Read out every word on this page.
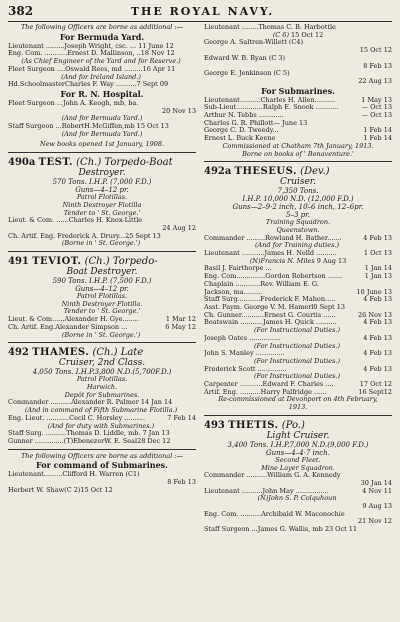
382	THE ROYAL NAVY.
The following Officers are borne as additional :—
For Bermuda Yard.
Lieutenant .........Joseph Wright, csc. ... 11 June 12
Eng. Com. ...........Ernest D. Mallinson, ..18 Nov 12
(As Chief Engineer of the Yard and for Reserve.)
Fleet Surgeon ....Oswald Rees, md .........16 Apr 11
(And for Ireland Island.)
Hd.SchoolmasterCharles F. Way ..........7 Sept 09
For R. N. Hospital.
Fleet Surgeon ...John A. Keogh, mb, ba.
20 Nov 13
(And for Bermuda Yard.)
Staff Surgeon ...RobertH.McGiffen,mb 15 Oct 13
(And for Bermuda Yard.)
New books opened 1st January, 1908.
490a TEST. (Ch.) Torpedo-Boat
Destroyer.
570 Tons. I.H.P. (7,000 F.D.)
Guns—4–12 pr.
Patrol Flotillas.
Ninth Destroyer Flotilla
Tender to ' St. George.'
Lieut. & Com. ......Charles H. Knox-Little
24 Aug 12
Ch. Artif. Eng. Frederick A. Drury...25 Sept 13
(Borne in ' St. George.')
491 TEVIOT. (Ch.) Torpedo-
Boat Destroyer.
590 Tons. I.H.P. (7,500 F.D.)
Guns—4–12 pr.
Patrol Flotillas.
Ninth Destroyer Flotilla.
Tender to ' St. George.'
Lieut. & Com......Alexander H. Gye........	1 Mar 12
Ch. Artif. Eng.Alexander Simpson ...	6 May 12
(Borne in ' St. George.')
492 THAMES. (Ch.) Late
Cruiser, 2nd Class.
4,050 Tons. I.H.P.3,800 N.D.(5,700F.D.)
Patrol Flotillas.
Harwich.
Depôt for Submarines.
Commander ..........Alexander R. Palmer 14 Jan 14
(And in command of Fifth Submarine Flotilla.)
Eng. Lieut. ...........Cecil C. Horsley ..........	7 Feb 14
(And for duty with Submarines.)
Staff Surg. ..........Thomas D. Liddle, mb. 7 Jan 13
Gunner ..............(T)EbenezerW. E. Seal28 Dec 12
The following Officers are borne as additional :—
For command of Submarines.
Lieutenant.........Clifford H. Warren (C1)
8 Feb 13
Herbert W. Shaw(C 2)15 Oct 12
Lieutenant ........Thomas C. B. Harbottle
(C 6) 15 Oct 12
George A. Saltren-Willett (C4)
15 Oct 12
Edward W. B. Ryan (C 3)
8 Feb 13
George E. Jenkinson (C 5)
22 Aug 13
For Submarines.
Lieutenant..........Charles H. Allen..........	1 May 13
Sub-Lieut.............Ralph E. Snook ...........	— Oct 13
Arthur N. Tebbs ............	— Oct 13
Charles G. R. Phillott— June 13
George C. D. Tweedy...	1 Feb 14
Ernest L. Buck Keene	1 Feb 14
Commissioned at Chatham 7th January, 1913.
Borne on books of ' Bonaventure.'
492a THESEUS. (Dev.)
Cruiser.
7,350 Tons.
I.H.P. 10,000 N.D. (12,000 F.D.)
Guns—2–9·2 inch, 10–6 inch, 12–6pr.
5–3 pr.
Training Squadron.
Queenstown.
Commander .........Rowland H. Bather.......	4 Feb 13
(And for Training duties.)
Lieutenant ...........James H. Nelld ..........	1 Oct 13
(N)Francis N. Miles 9 Aug 13
Basil J. Fairthorpe ...	1 Jan 14
Eng. Com..............Gordon Robertson .......	1 Jan 13
Chaplain ............Rev. William E. G.
Jackson, ma.........	10 June 13
Staff Surg...........Frederick F. Mahon.....	4 Feb 13
Asst. Paym. George V. M. Hamerl0 Sept 13
Ch. Gunner...........Ernest G. Courtis ......	26 Nov 13
Boatswain ...........James H. Quick ..........	4 Feb 13
(For Instructional Duties.)
Joseph Oates ...............	4 Feb 13
(For Instructional Duties.)
John S. Manley ..............	4 Feb 13
(For Instructional Duties.)
Frederick Scott ..............	4 Feb 13
(For Instructional Duties.)
Carpenter ...........Edward F. Charles ....	17 Oct 12
Artif. Eng. ..........Harry Palfridge ......	16 Sept12
Re-commissioned at Devonport on 4th February,
1913.
493 THETIS. (Po.)
Light Cruiser.
3,400 Tons. I.H.P.7,000 N.D.(9,000 F.D.)
Guns—4–4·7 inch.
Second Fleet.
Mine Layer Squadron.
Commander ..........William G. A. Kennedy
30 Jan 14
Lieutenant ..........John May ................	4 Nov 11
(N)John S. P. Colquhoun
9 Aug 13
Eng. Com. ..........Archibald W. Maconochie
21 Nov 12
Staff Surgeon ...James G. Wallis, mb 23 Oct 11
